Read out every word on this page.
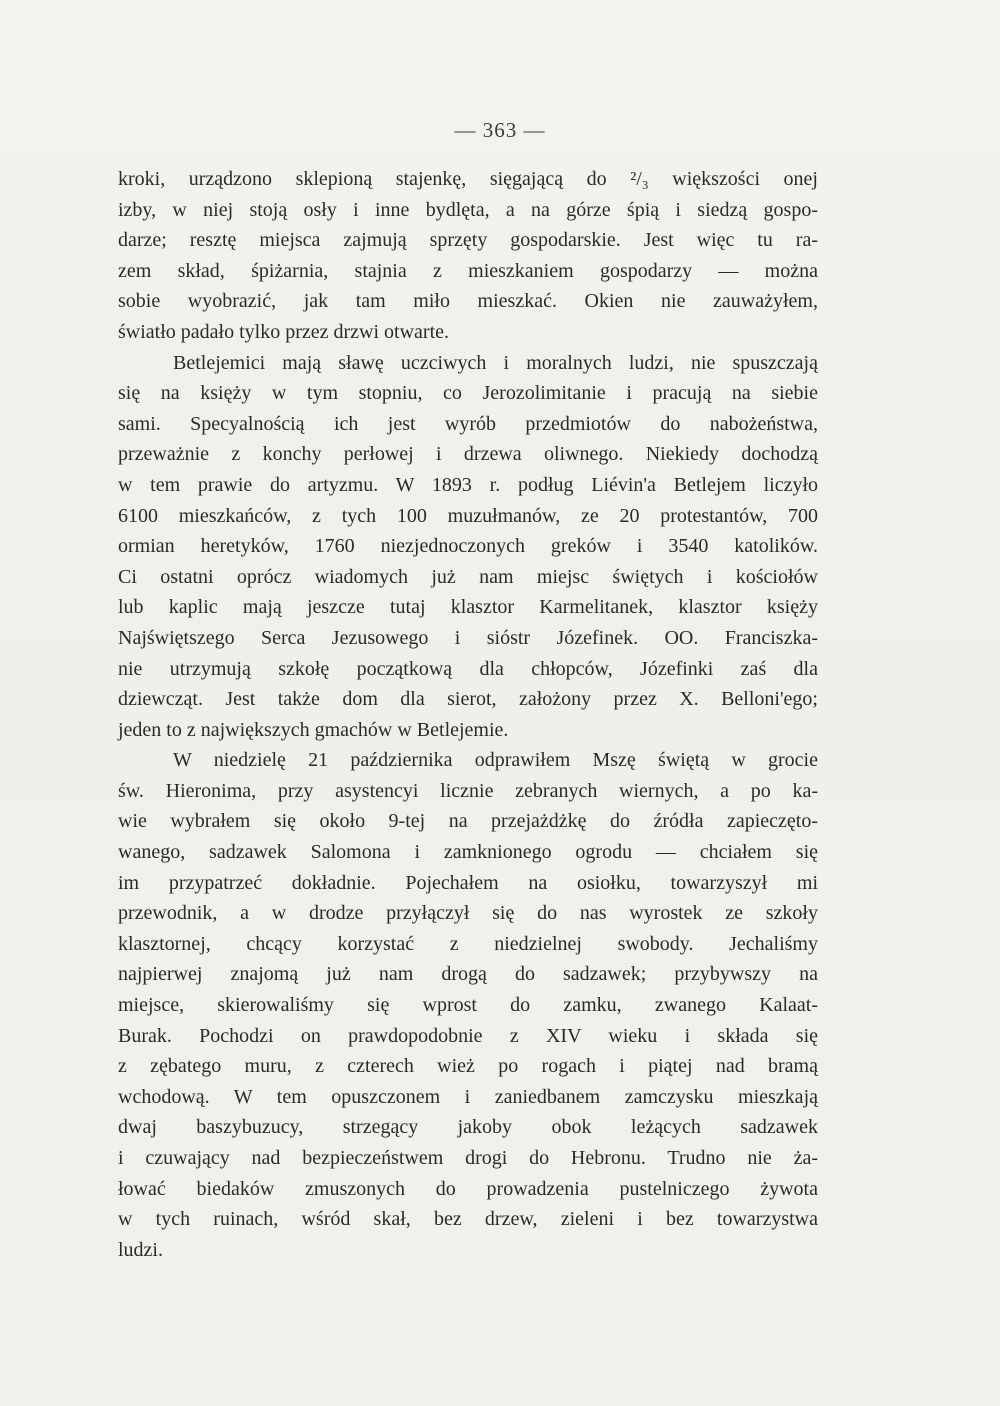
— 363 —
kroki, urządzono sklepioną stajenkę, sięgającą do ²/₃ większości onej
izby, w niej stoją osły i inne bydlęta, a na górze śpią i siedzą gospo-
darze; resztę miejsca zajmują sprzęty gospodarskie. Jest więc tu ra-
zem skład, śpiżarnia, stajnia z mieszkaniem gospodarzy — można
sobie wyobrazić, jak tam miło mieszkać. Okien nie zauważyłem,
światło padało tylko przez drzwi otwarte.
Betlejemici mają sławę uczciwych i moralnych ludzi, nie spuszczają
się na księży w tym stopniu, co Jerozolimitanie i pracują na siebie
sami. Specyalnością ich jest wyrób przedmiotów do nabożeństwa,
przeważnie z konchy perłowej i drzewa oliwnego. Niekiedy dochodzą
w tem prawie do artyzmu. W 1893 r. podług Liévin'a Betlejem liczyło
6100 mieszkańców, z tych 100 muzułmanów, ze 20 protestantów, 700
ormian heretyków, 1760 niezjednoczonych greków i 3540 katolików.
Ci ostatni oprócz wiadomych już nam miejsc świętych i kościołów
lub kaplic mają jeszcze tutaj klasztor Karmelitanek, klasztor księży
Najświętszego Serca Jezusowego i sióstr Józefinek. OO. Franciszka-
nie utrzymują szkołę początkową dla chłopców, Józefinki zaś dla
dziewcząt. Jest także dom dla sierot, założony przez X. Belloni'ego;
jeden to z największych gmachów w Betlejemie.
W niedzielę 21 października odprawiłem Mszę świętą w grocie
św. Hieronima, przy asystencyi licznie zebranych wiernych, a po ka-
wie wybrałem się około 9-tej na przejażdżkę do źródła zapieczęto-
wanego, sadzawek Salomona i zamknionego ogrodu — chciałem się
im przypatrzeć dokładnie. Pojechałem na osiołku, towarzyszył mi
przewodnik, a w drodze przyłączył się do nas wyrostek ze szkoły
klasztornej, chcący korzystać z niedzielnej swobody. Jechaliśmy
najpierwej znajomą już nam drogą do sadzawek; przybywszy na
miejsce, skierowaliśmy się wprost do zamku, zwanego Kalaat-
Burak. Pochodzi on prawdopodobnie z XIV wieku i składa się
z zębatego muru, z czterech wież po rogach i piątej nad bramą
wchodową. W tem opuszczonem i zaniedbanem zamczysku mieszkają
dwaj baszybuzucy, strzegący jakoby obok leżących sadzawek
i czuwający nad bezpieczeństwem drogi do Hebronu. Trudno nie ża-
łować biedaków zmuszonych do prowadzenia pustelniczego żywota
w tych ruinach, wśród skał, bez drzew, zieleni i bez towarzystwa
ludzi.
